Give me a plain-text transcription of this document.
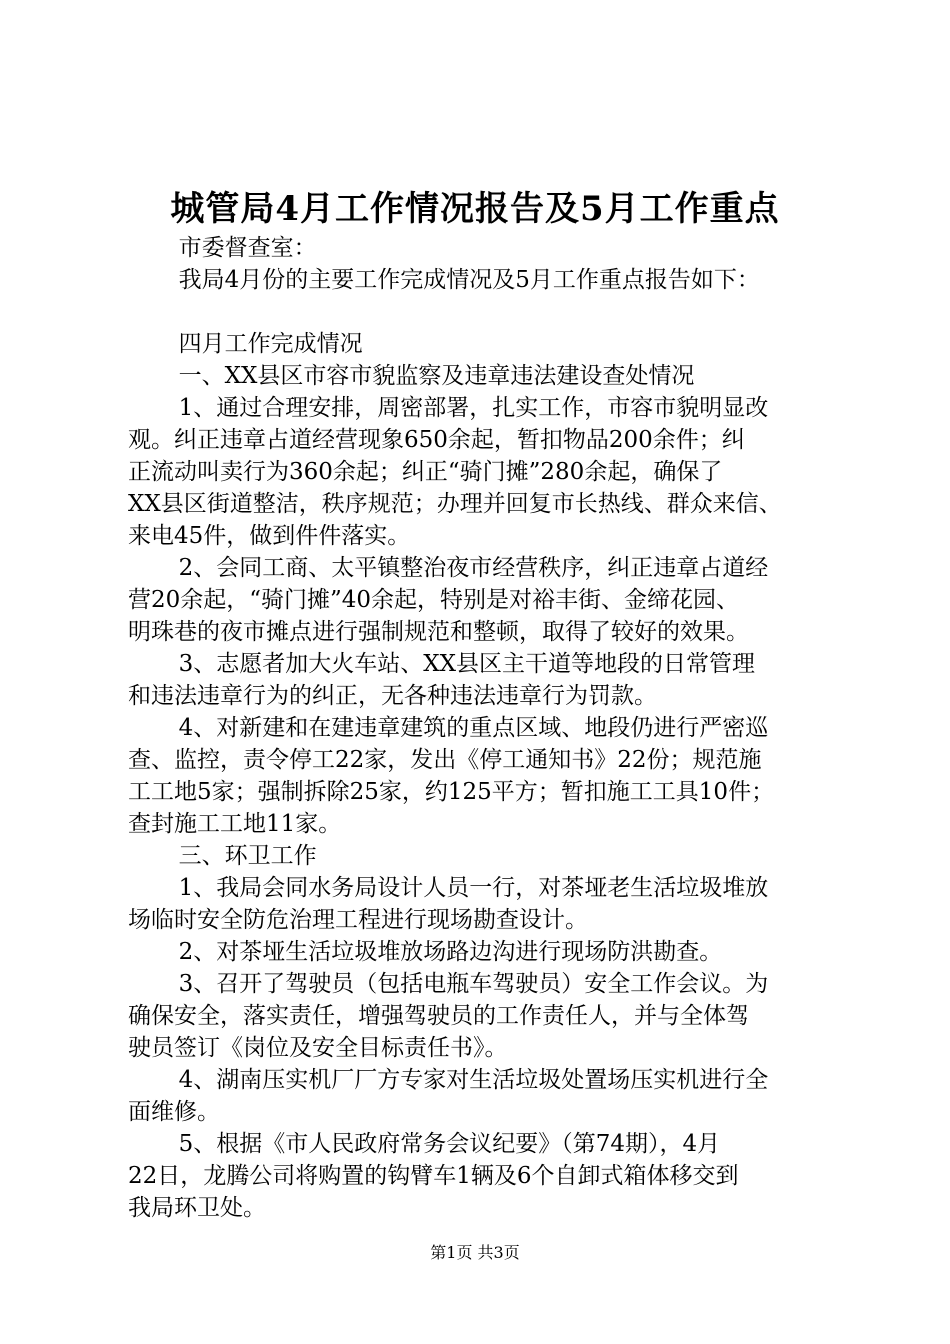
城管局4月工作情况报告及5月工作重点
市委督查室：
我局4月份的主要工作完成情况及5月工作重点报告如下：
四月工作完成情况
一、XX县区市容市貌监察及违章违法建设查处情况
1、通过合理安排，周密部署，扎实工作，市容市貌明显改
观。纠正违章占道经营现象650余起，暂扣物品200余件；纠
正流动叫卖行为360余起；纠正“骑门摊”280余起，确保了
XX县区街道整洁，秩序规范；办理并回复市长热线、群众来信、
来电45件，做到件件落实。
2、会同工商、太平镇整治夜市经营秩序，纠正违章占道经
营20余起，“骑门摊”40余起，特别是对裕丰街、金缔花园、
明珠巷的夜市摊点进行强制规范和整顿，取得了较好的效果。
3、志愿者加大火车站、XX县区主干道等地段的日常管理
和违法违章行为的纠正，无各种违法违章行为罚款。
4、对新建和在建违章建筑的重点区域、地段仍进行严密巡
查、监控，责令停工22家，发出《停工通知书》22份；规范施
工工地5家；强制拆除25家，约125平方；暂扣施工工具10件；
查封施工工地11家。
三、环卫工作
1、我局会同水务局设计人员一行，对茶垭老生活垃圾堆放
场临时安全防危治理工程进行现场勘查设计。
2、对茶垭生活垃圾堆放场路边沟进行现场防洪勘查。
3、召开了驾驶员（包括电瓶车驾驶员）安全工作会议。为
确保安全，落实责任，增强驾驶员的工作责任人，并与全体驾
驶员签订《岗位及安全目标责任书》。
4、湖南压实机厂厂方专家对生活垃圾处置场压实机进行全
面维修。
5、根据《市人民政府常务会议纪要》（第74期），4月
22日，龙腾公司将购置的钩臂车1辆及6个自卸式箱体移交到
我局环卫处。
第1页 共3页
